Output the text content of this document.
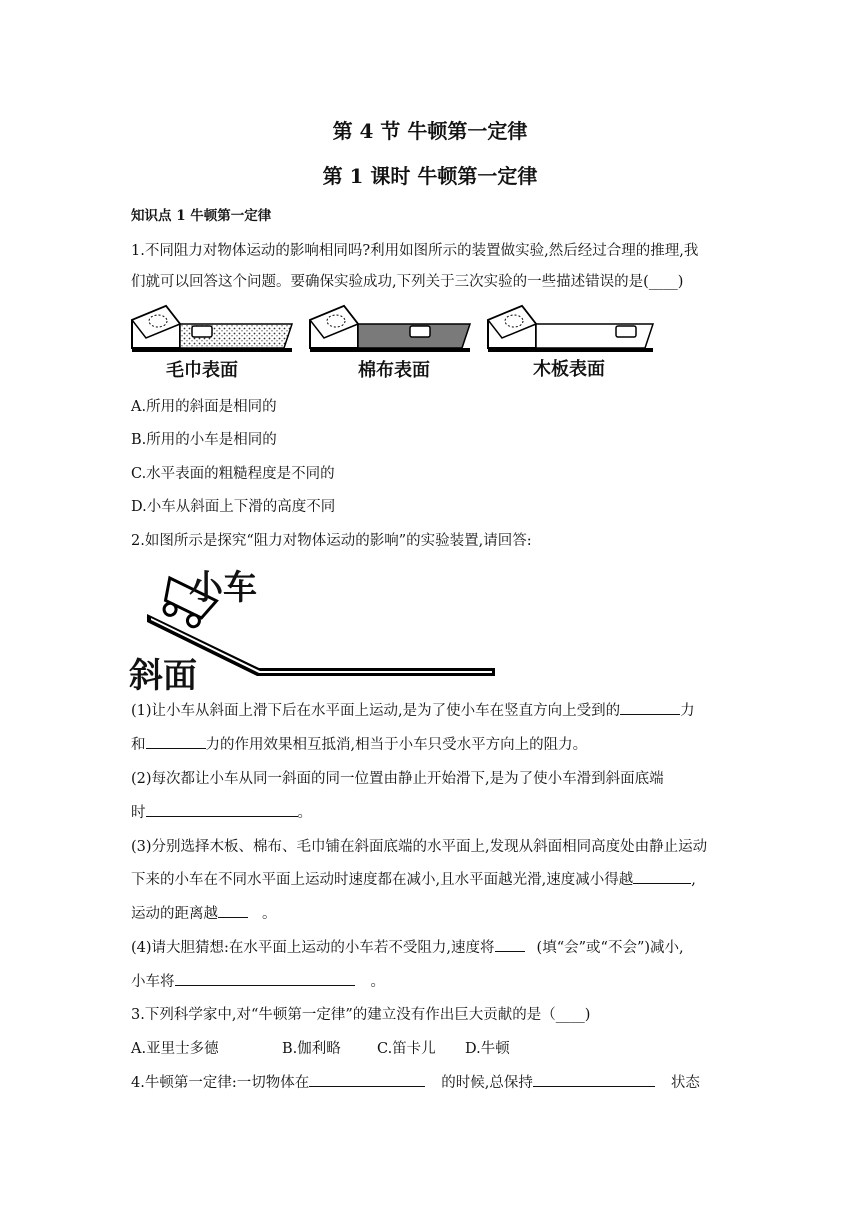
第 4 节 牛顿第一定律
第 1 课时 牛顿第一定律
知识点 1 牛顿第一定律
1.不同阻力对物体运动的影响相同吗?利用如图所示的装置做实验,然后经过合理的推理,我
们就可以回答这个问题。要确保实验成功,下列关于三次实验的一些描述错误的是(____)
毛巾表面	棉布表面	木板表面
A.所用的斜面是相同的
B.所用的小车是相同的
C.水平表面的粗糙程度是不同的
D.小车从斜面上下滑的高度不同
2.如图所示是探究“阻力对物体运动的影响”的实验装置,请回答:
小车
斜面
(1)让小车从斜面上滑下后在水平面上运动,是为了使小车在竖直方向上受到的	力
和	力的作用效果相互抵消,相当于小车只受水平方向上的阻力。
(2)每次都让小车从同一斜面的同一位置由静止开始滑下,是为了使小车滑到斜面底端
时	。
(3)分别选择木板、棉布、毛巾铺在斜面底端的水平面上,发现从斜面相同高度处由静止运动
下来的小车在不同水平面上运动时速度都在减小,且水平面越光滑,速度减小得越	,
运动的距离越	。
(4)请大胆猜想:在水平面上运动的小车若不受阻力,速度将	(填“会”或“不会”)减小,
小车将	。
3.下列科学家中,对“牛顿第一定律”的建立没有作出巨大贡献的是（____)
A.亚里士多德	B.伽利略 C.笛卡儿 D.牛顿
4.牛顿第一定律:一切物体在	的时候,总保持	状态
